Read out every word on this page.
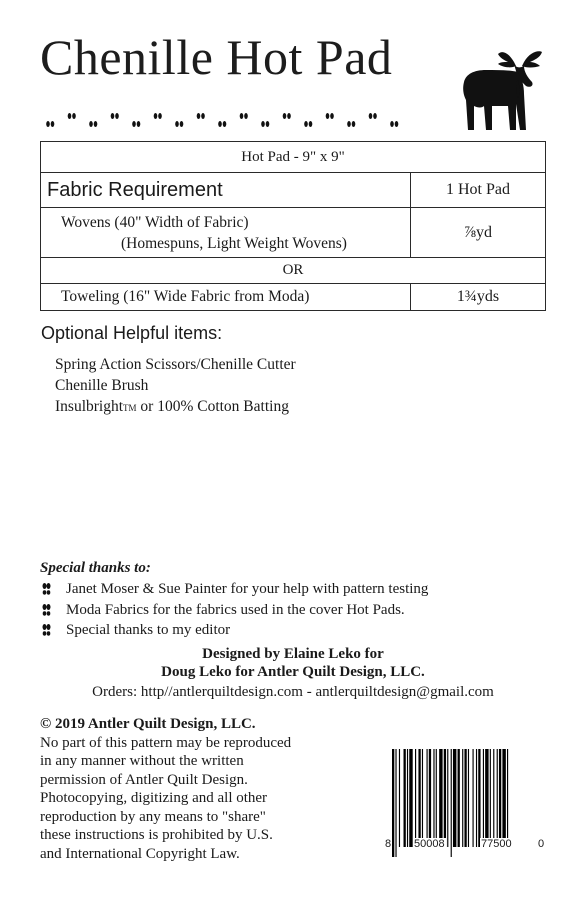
Chenille Hot Pad
Hot Pad - 9" x 9"	
Fabric Requirement	1 Hot Pad
Wovens (40" Width of Fabric)
(Homespuns, Light Weight Wovens)	⅞yd
OR	
Toweling (16" Wide Fabric from Moda)	1¾yds
Optional Helpful items:
Spring Action Scissors/Chenille Cutter
Chenille Brush
Insulbright™ or 100% Cotton Batting
Special thanks to:
Janet Moser & Sue Painter for your help with pattern testing
Moda Fabrics for the fabrics used in the cover Hot Pads.
Special thanks to my editor
Designed by Elaine Leko for
Doug Leko for Antler Quilt Design, LLC.
Orders: http//antlerquiltdesign.com - antlerquiltdesign@gmail.com
© 2019 Antler Quilt Design, LLC.
No part of this pattern may be reproduced
in any manner without the written
permission of Antler Quilt Design.
Photocopying, digitizing and all other
reproduction by any means to "share"
these instructions is prohibited by U.S.
and International Copyright Law.
8 50008	77500 0
